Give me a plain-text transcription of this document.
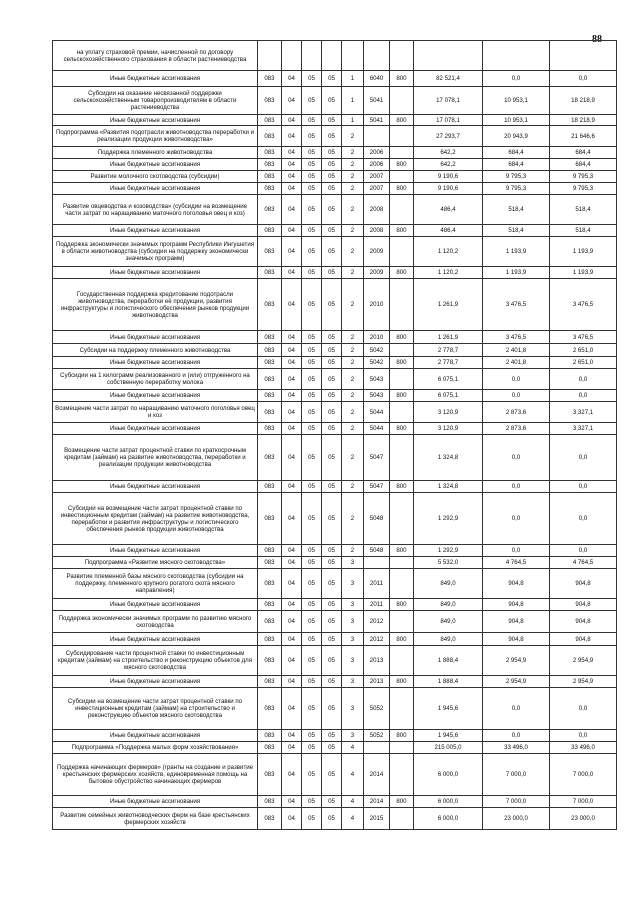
88
на уплату страховой премии, начисленной по договору сельскохозяйственного страхования в области растениеводства										
Иные бюджетные ассигнования	083	04	05	05	1	6040	800	82 521,4	0,0	0,0
Субсидии на оказание несвязанной поддержки сельскохозяйственным товаропроизводителям в области растениеводства	083	04	05	05	1	5041		17 078,1	10 953,1	18 218,9
Иные бюджетные ассигнования	083	04	05	05	1	5041	800	17 078,1	10 953,1	18 218,9
Подпрограмма «Развития подотрасли животноводства переработки и реализации продукции животноводства»	083	04	05	05	2			27 293,7	20 943,9	21 646,6
Поддержка племенного животноводства	083	04	05	05	2	2006		642,2	684,4	684,4
Иные бюджетные ассигнования	083	04	05	05	2	2006	800	642,2	684,4	684,4
Развитие молочного скотоводства (субсидии)	083	04	05	05	2	2007		9 190,6	9 795,3	9 795,3
Иные бюджетные ассигнования	083	04	05	05	2	2007	800	9 190,6	9 795,3	9 795,3
Развитие овцеводства и козоводства» (субсидии на возмещение части затрат по наращиванию маточного поголовья овец и коз)	083	04	05	05	2	2008		486,4	518,4	518,4
Иные бюджетные ассигнования	083	04	05	05	2	2008	800	486,4	518,4	518,4
Поддержка экономически значимых программ Республики Ингушетия в области животноводства (субсидии на поддержку экономически значимых программ)	083	04	05	05	2	2009		1 120,2	1 193,9	1 193,9
Иные бюджетные ассигнования	083	04	05	05	2	2009	800	1 120,2	1 193,9	1 193,9
Государственная поддержка кредитование подотрасли животноводства, переработки её продукции, развития инфраструктуры и логистического обеспечения рынков продукции животноводства	083	04	05	05	2	2010		1 261,9	3 476,5	3 476,5
Иные бюджетные ассигнования	083	04	05	05	2	2010	800	1 261,9	3 476,5	3 476,5
Субсидии на поддержку племенного животноводства	083	04	05	05	2	5042		2 778,7	2 401,8	2 651,0
Иные бюджетные ассигнования	083	04	05	05	2	5042	800	2 778,7	2 401,8	2 651,0
Субсидии на 1 килограмм реализованного и (или) отгруженного на собственную переработку молока	083	04	05	05	2	5043		6 075,1	0,0	0,0
Иные бюджетные ассигнования	083	04	05	05	2	5043	800	6 075,1	0,0	0,0
Возмещение части затрат по наращиванию маточного поголовья овец и коз	083	04	05	05	2	5044		3 120,9	2 873,6	3 327,1
Иные бюджетные ассигнования	083	04	05	05	2	5044	800	3 120,9	2 873,6	3 327,1
Возмещение части затрат процентной ставки по краткосрочным кредитам (займам) на развитие животноводства, переработки и реализации продукции животноводства	083	04	05	05	2	5047		1 324,8	0,0	0,0
Иные бюджетные ассигнования	083	04	05	05	2	5047	800	1 324,8	0,0	0,0
Субсидии на возмещение части затрат процентной ставки по инвестиционным кредитам (займам) на развитие животноводства, переработки и развития инфраструктуры и логистического обеспечения рынков продукции животноводства	083	04	05	05	2	5048		1 292,9	0,0	0,0
Иные бюджетные ассигнования	083	04	05	05	2	5048	800	1 292,9	0,0	0,0
Подпрограмма «Развитие мясного скотоводства»	083	04	05	05	3			5 532,0	4 764,5	4 764,5
Развитие племенной базы мясного скотоводства (субсидии на поддержку, племенного крупного рогатого скота мясного направления)	083	04	05	05	3	2011		849,0	904,8	904,8
Иные бюджетные ассигнования	083	04	05	05	3	2011	800	849,0	904,8	904,8
Поддержка экономически значимых программ по развитию мясного скотоводства	083	04	05	05	3	2012		849,0	904,8	904,8
Иные бюджетные ассигнования	083	04	05	05	3	2012	800	849,0	904,8	904,8
Субсидирование части процентной ставки по инвестиционным кредитам (займам) на строительство и реконструкцию объектов для мясного скотоводства	083	04	05	05	3	2013		1 888,4	2 954,9	2 954,9
Иные бюджетные ассигнования	083	04	05	05	3	2013	800	1 888,4	2 954,9	2 954,9
Субсидии на возмещение части затрат процентной ставки по инвестиционным кредитам (займам) на строительство и реконструкцию объектов мясного скотоводства	083	04	05	05	3	5052		1 945,6	0,0	0,0
Иные бюджетные ассигнования	083	04	05	05	3	5052	800	1 945,6	0,0	0,0
Подпрограмма «Поддержка малых форм хозяйствования»	083	04	05	05	4			215 005,0	33 496,0	33 496,0
Поддержка начинающих фермеров» (гранты на создание и развитие крестьянских фермерских хозяйств, единовременная помощь на бытовое обустройство начинающих фермеров	083	04	05	05	4	2014		6 000,0	7 000,0	7 000,0
Иные бюджетные ассигнования	083	04	05	05	4	2014	800	6 000,0	7 000,0	7 000,0
Развитие семейных животноводческих ферм на базе крестьянских фермерских хозяйств	083	04	05	05	4	2015		6 000,0	23 000,0	23 000,0
